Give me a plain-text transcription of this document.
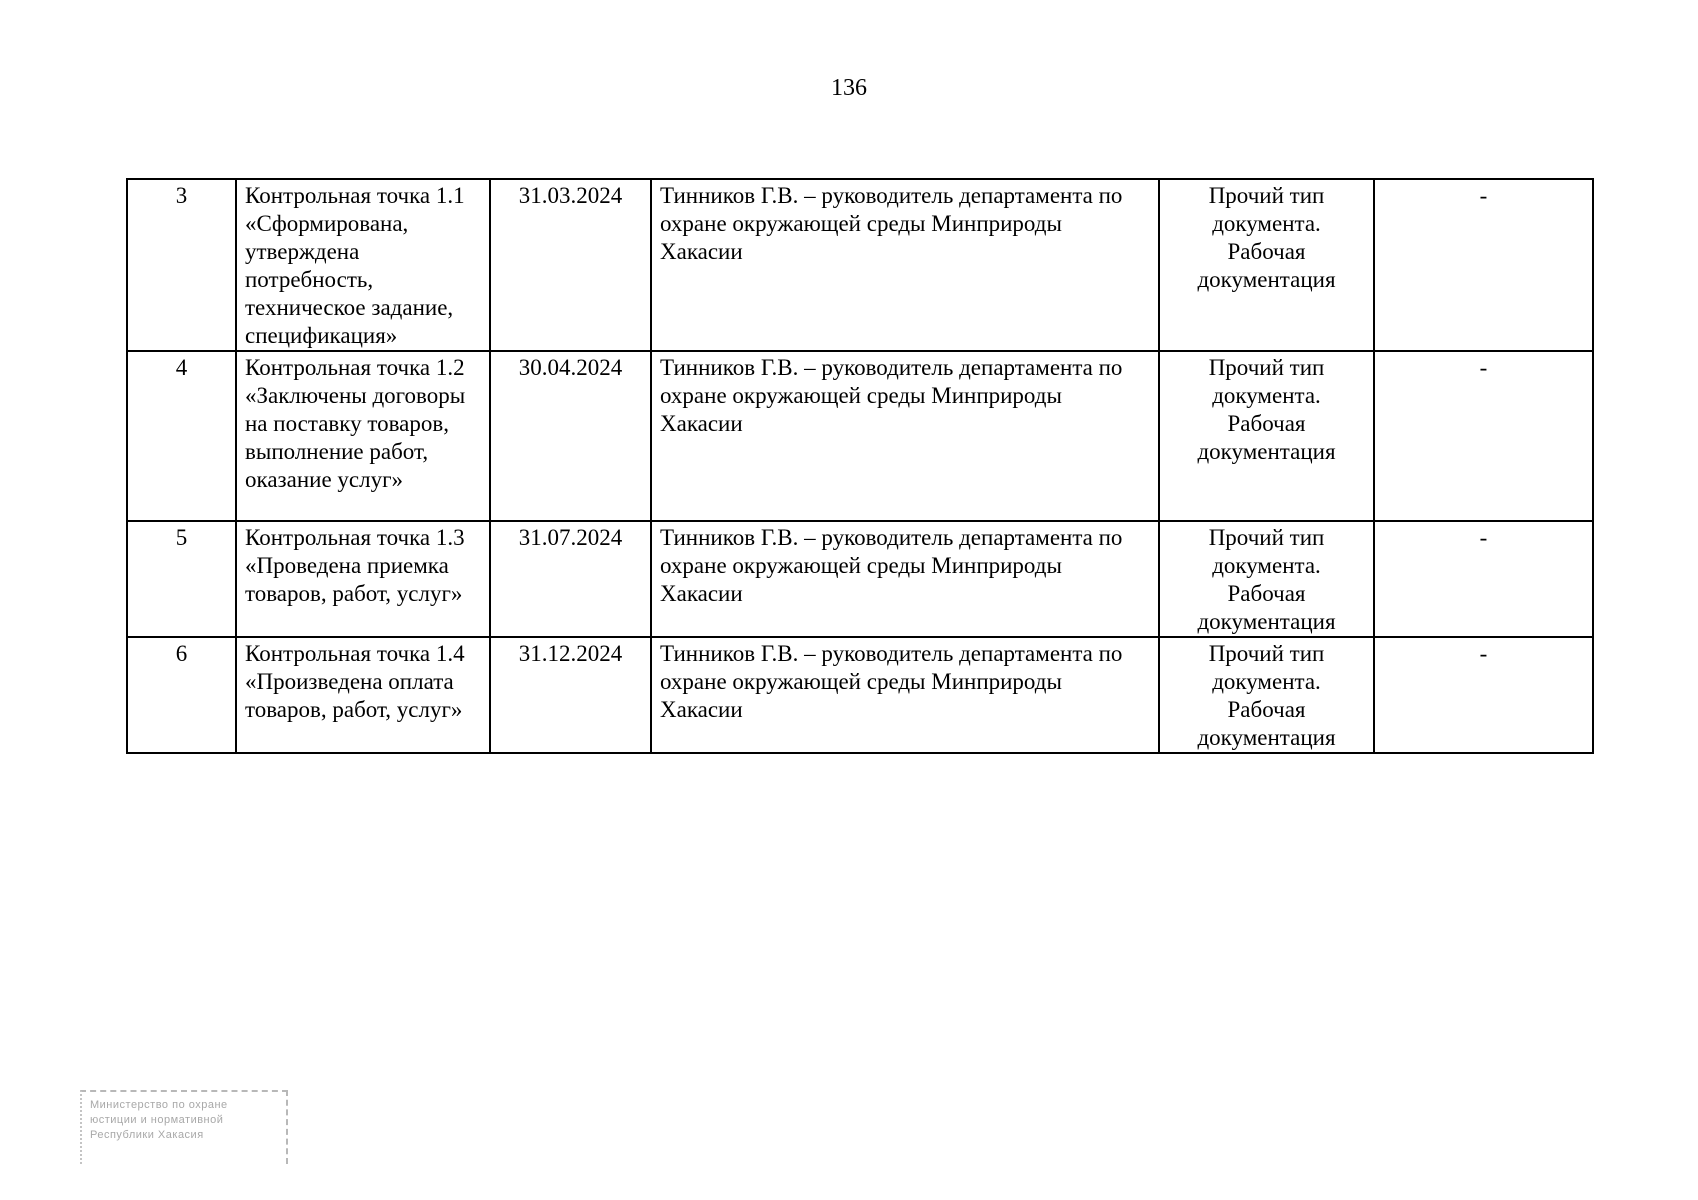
136
3	Контрольная точка 1.1 «Сформирована, утверждена потребность, техническое задание, спецификация»	31.03.2024	Тинников Г.В. – руководитель департамента по охране окружающей среды Минприроды Хакасии	Прочий тип
документа.
Рабочая
документация	-
4	Контрольная точка 1.2 «Заключены договоры на поставку товаров, выполнение работ, оказание услуг»	30.04.2024	Тинников Г.В. – руководитель департамента по охране окружающей среды Минприроды Хакасии	Прочий тип
документа.
Рабочая
документация	-
5	Контрольная точка 1.3 «Проведена приемка товаров, работ, услуг»	31.07.2024	Тинников Г.В. – руководитель департамента по охране окружающей среды Минприроды Хакасии	Прочий тип
документа.
Рабочая
документация	-
6	Контрольная точка 1.4 «Произведена оплата товаров, работ, услуг»	31.12.2024	Тинников Г.В. – руководитель департамента по охране окружающей среды Минприроды Хакасии	Прочий тип
документа.
Рабочая
документация	-
Министерство по охране
юстиции и нормативной
Республики Хакасия
